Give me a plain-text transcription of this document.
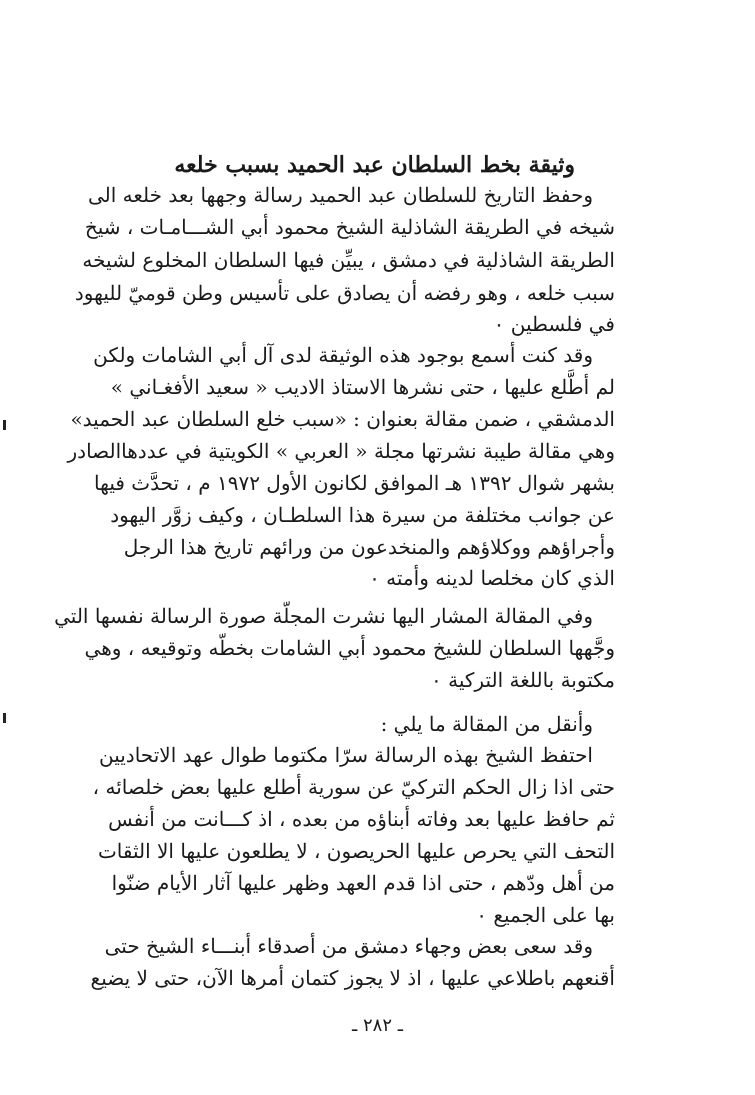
وثيقة بخط السلطان عبد الحميد بسبب خلعه
وحفظ التاريخ للسلطان عبد الحميد رسالة وجهها بعد خلعه الى
شيخه في الطريقة الشاذلية الشيخ محمود أبي الشـــامـات ، شيخ
الطريقة الشاذلية في دمشق ، يبيِّن فيها السلطان المخلوع لشيخه
سبب خلعه ، وهو رفضه أن يصادق على تأسيس وطن قوميّ لليهود
في فلسطين ٠
وقد كنت أسمع بوجود هذه الوثيقة لدى آل أبي الشامات ولكن
لم أطَّلع عليها ، حتى نشرها الاستاذ الاديب « سعيد الأفغـاني »
الدمشقي ، ضمن مقالة بعنوان : «سبب خلع السلطان عبد الحميد»
وهي مقالة طيبة نشرتها مجلة « العربي » الكويتية في عددهاالصادر
بشهر شوال ١٣٩٢ هـ الموافق لكانون الأول ١٩٧٢ م ، تحدَّث فيها
عن جوانب مختلفة من سيرة هذا السلطـان ، وكيف زوَّر اليهود
وأجراؤهم ووكلاؤهم والمنخدعون من ورائهم تاريخ هذا الرجل
الذي كان مخلصا لدينه وأمته ٠
وفي المقالة المشار اليها نشرت المجلّة صورة الرسالة نفسها التي
وجَّهها السلطان للشيخ محمود أبي الشامات بخطّه وتوقيعه ، وهي
مكتوبة باللغة التركية ٠
وأنقل من المقالة ما يلي :
احتفظ الشيخ بهذه الرسالة سرّا مكتوما طوال عهد الاتحاديين
حتى اذا زال الحكم التركيّ عن سورية أطلع عليها بعض خلصائه ،
ثم حافظ عليها بعد وفاته أبناؤه من بعده ، اذ كـــانت من أنفس
التحف التي يحرص عليها الحريصون ، لا يطلعون عليها الا الثقات
من أهل ودّهم ، حتى اذا قدم العهد وظهر عليها آثار الأيام ضنّوا
بها على الجميع ٠
وقد سعى بعض وجهاء دمشق من أصدقاء أبنـــاء الشيخ حتى
أقنعهم باطلاعي عليها ، اذ لا يجوز كتمان أمرها الآن، حتى لا يضيع
ـ ٢٨٢ ـ
